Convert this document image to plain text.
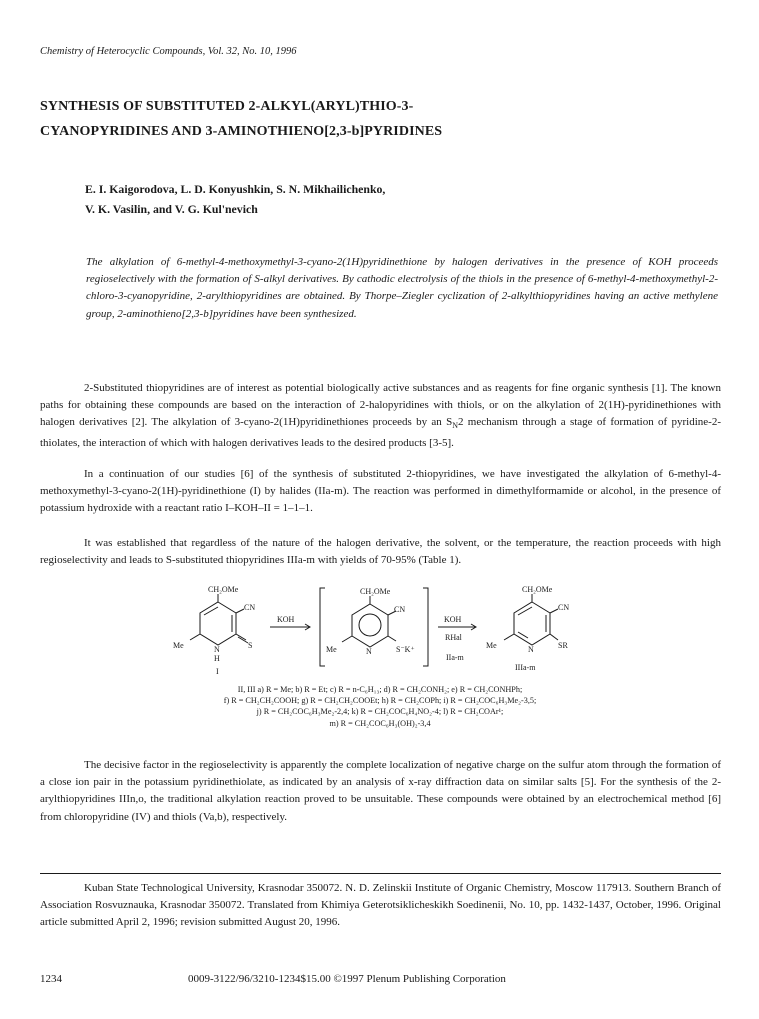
Chemistry of Heterocyclic Compounds, Vol. 32, No. 10, 1996
SYNTHESIS OF SUBSTITUTED 2-ALKYL(ARYL)THIO-3-
CYANOPYRIDINES AND 3-AMINOTHIENO[2,3-b]PYRIDINES
E. I. Kaigorodova, L. D. Konyushkin, S. N. Mikhailichenko,
V. K. Vasilin, and V. G. Kul'nevich

The alkylation of 6-methyl-4-methoxymethyl-3-cyano-2(1H)pyridinethione by halogen derivatives in the presence of KOH proceeds regioselectively with the formation of S-alkyl derivatives. By cathodic electrolysis of the thiols in the presence of 6-methyl-4-methoxymethyl-2-chloro-3-cyanopyridine, 2-arylthiopyridines are obtained. By Thorpe–Ziegler cyclization of 2-alkylthiopyridines having an active methylene group, 2-aminothieno[2,3-b]pyridines have been synthesized.

2-Substituted thiopyridines are of interest as potential biologically active substances and as reagents for fine organic synthesis [1]. The known paths for obtaining these compounds are based on the interaction of 2-halopyridines with thiols, or on the alkylation of 2(1H)-pyridinethiones with halogen derivatives [2]. The alkylation of 3-cyano-2(1H)pyridinethiones proceeds by an $S_N2$ mechanism through a stage of formation of pyridine-2-thiolates, the interaction of which with halogen derivatives leads to the desired products [3-5].

In a continuation of our studies [6] of the synthesis of substituted 2-thiopyridines, we have investigated the alkylation of 6-methyl-4-methoxymethyl-3-cyano-2(1H)-pyridinethione (I) by halides (IIa-m). The reaction was performed in dimethylformamide or alcohol, in the presence of potassium hydroxide with a reactant ratio I–KOH–II = 1–1–1.

It was established that regardless of the nature of the halogen derivative, the solvent, or the temperature, the reaction proceeds with high regioselectivity and leads to S-substituted thiopyridines IIIa-m with yields of 70-95% (Table 1).

CH₂OMe
CN
Me	N
H
S
I
KOH
CH₂OMe
CN
Me	N	S⁻K⁺
KOH
RHal
IIa-m
CH₂OMe
CN
Me	N	SR
IIIa-m
II, III a) R = Me; b) R = Et; c) R = n-C₆H₁₃; d) R = CH₂CONH₂; e) R = CH₂CONHPh;
f) R = CH₂CH₂COOH; g) R = CH₂CH₂COOEt; h) R = CH₂COPh; i) R = CH₂COC₆H₃Me₂-3,5;
j) R = CH₂COC₆H₃Me₂-2,4; k) R = CH₂COC₆H₄NO₂-4; l) R = CH₂COAr¹;
m) R = CH₂COC₆H₃(OH)₂-3,4

The decisive factor in the regioselectivity is apparently the complete localization of negative charge on the sulfur atom through the formation of a close ion pair in the potassium pyridinethiolate, as indicated by an analysis of x-ray diffraction data on similar salts [5]. For the synthesis of the 2-arylthiopyridines IIIn,o, the traditional alkylation reaction proved to be unsuitable. These compounds were obtained by an electrochemical method [6] from chloropyridine (IV) and thiols (Va,b), respectively.

Kuban State Technological University, Krasnodar 350072. N. D. Zelinskii Institute of Organic Chemistry, Moscow 117913. Southern Branch of Association Rosvuznauka, Krasnodar 350072. Translated from Khimiya Geterotsiklicheskikh Soedinenii, No. 10, pp. 1432-1437, October, 1996. Original article submitted April 2, 1996; revision submitted August 20, 1996.

1234	0009-3122/96/3210-1234$15.00 ©1997 Plenum Publishing Corporation
